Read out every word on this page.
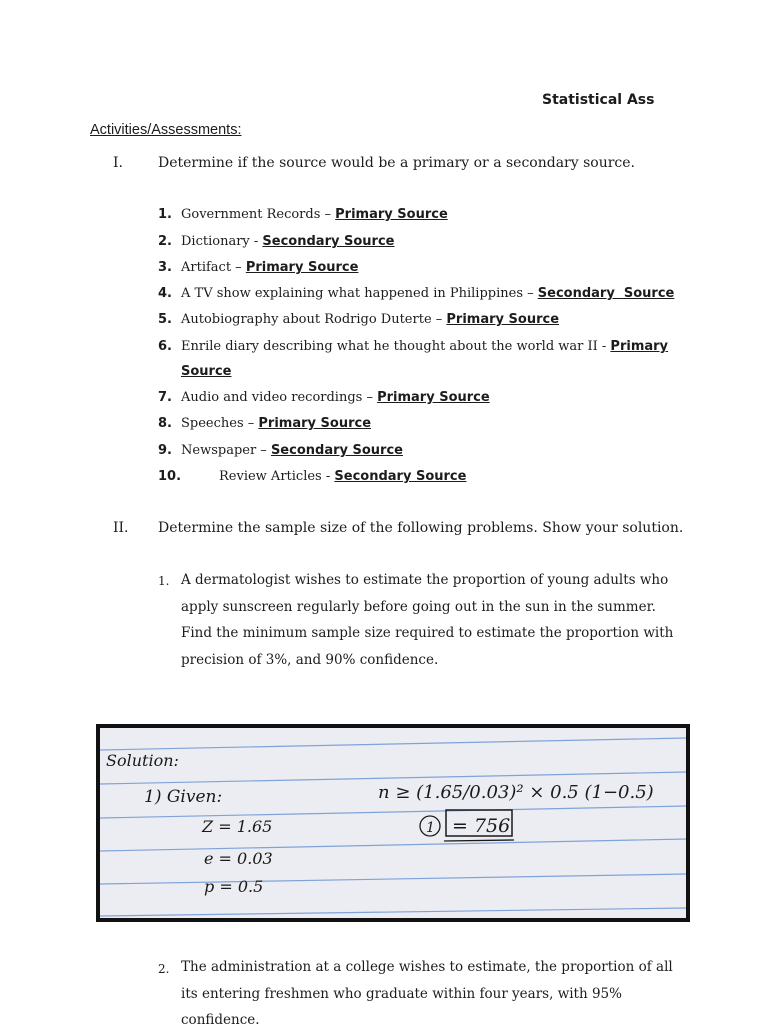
Statistical Ass
Activities/Assessments:
I.	Determine if the source would be a primary or a secondary source.
1. Government Records – Primary Source
2. Dictionary - Secondary Source
3. Artifact – Primary Source
4. A TV show explaining what happened in Philippines – Secondary  Source
5. Autobiography about Rodrigo Duterte – Primary Source
6. Enrile diary describing what he thought about the world war II - Primary
Source
7. Audio and video recordings – Primary Source
8. Speeches – Primary Source
9. Newspaper – Secondary Source
10.	Review Articles - Secondary Source
II. Determine the sample size of the following problems. Show your solution.
1. A dermatologist wishes to estimate the proportion of young adults who apply sunscreen regularly before going out in the sun in the summer. Find the minimum sample size required to estimate the proportion with precision of 3%, and 90% confidence.
Solution:
1) Given:
Z = 1.65
e = 0.03
p = 0.5
n ≥ (1.65/0.03)² × 0.5 (1−0.5)
1 = 756
2. The administration at a college wishes to estimate, the proportion of all its entering freshmen who graduate within four years, with 95% confidence.
